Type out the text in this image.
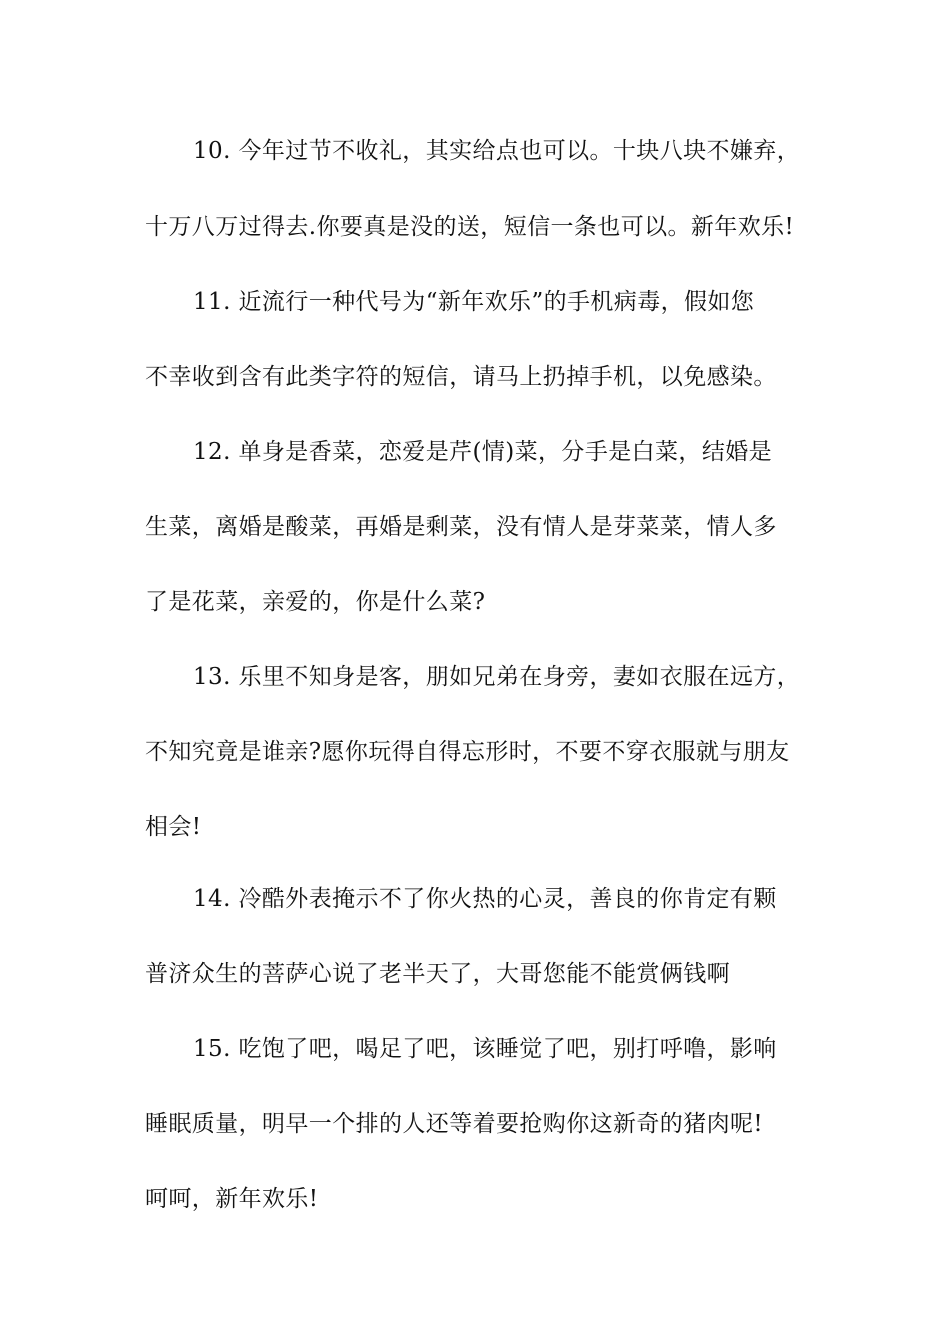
10. 今年过节不收礼，其实给点也可以。十块八块不嫌弃，
十万八万过得去.你要真是没的送，短信一条也可以。新年欢乐!
11. 近流行一种代号为“新年欢乐”的手机病毒，假如您
不幸收到含有此类字符的短信，请马上扔掉手机，以免感染。
12. 单身是香菜，恋爱是芹(情)菜，分手是白菜，结婚是
生菜，离婚是酸菜，再婚是剩菜，没有情人是芽菜菜，情人多
了是花菜，亲爱的，你是什么菜?
13. 乐里不知身是客，朋如兄弟在身旁，妻如衣服在远方，
不知究竟是谁亲?愿你玩得自得忘形时，不要不穿衣服就与朋友
相会!
14. 冷酷外表掩示不了你火热的心灵，善良的你肯定有颗
普济众生的菩萨心说了老半天了，大哥您能不能赏俩钱啊
15. 吃饱了吧，喝足了吧，该睡觉了吧，别打呼噜，影响
睡眠质量，明早一个排的人还等着要抢购你这新奇的猪肉呢!
呵呵，新年欢乐!
